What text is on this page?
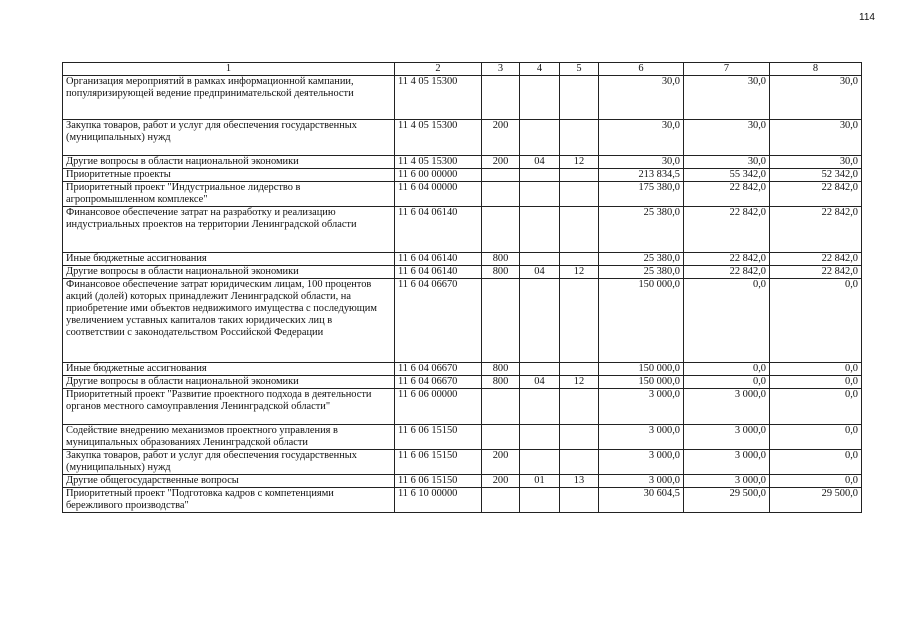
114
1	2	3	4	5	6	7	8
Организация мероприятий в рамках информационной кампании, популяризирующей ведение предпринимательской деятельности	11 4 05 15300				30,0	30,0	30,0
Закупка товаров, работ и услуг для обеспечения государственных (муниципальных) нужд	11 4 05 15300	200			30,0	30,0	30,0
Другие вопросы в области национальной экономики	11 4 05 15300	200	04	12	30,0	30,0	30,0
Приоритетные проекты	11 6 00 00000				213 834,5	55 342,0	52 342,0
Приоритетный проект "Индустриальное лидерство в агропромышленном комплексе"	11 6 04 00000				175 380,0	22 842,0	22 842,0
Финансовое обеспечение затрат на разработку и реализацию индустриальных проектов на территории Ленинградской области	11 6 04 06140				25 380,0	22 842,0	22 842,0
Иные бюджетные ассигнования	11 6 04 06140	800			25 380,0	22 842,0	22 842,0
Другие вопросы в области национальной экономики	11 6 04 06140	800	04	12	25 380,0	22 842,0	22 842,0
Финансовое обеспечение затрат юридическим лицам, 100 процентов акций (долей) которых принадлежит Ленинградской области, на приобретение ими объектов недвижимого имущества с последующим увеличением уставных капиталов таких юридических лиц в соответствии с законодательством Российской Федерации	11 6 04 06670				150 000,0	0,0	0,0
Иные бюджетные ассигнования	11 6 04 06670	800			150 000,0	0,0	0,0
Другие вопросы в области национальной экономики	11 6 04 06670	800	04	12	150 000,0	0,0	0,0
Приоритетный проект "Развитие проектного подхода в деятельности органов местного самоуправления Ленинградской области"	11 6 06 00000				3 000,0	3 000,0	0,0
Содействие внедрению механизмов проектного управления в муниципальных образованиях Ленинградской области	11 6 06 15150				3 000,0	3 000,0	0,0
Закупка товаров, работ и услуг для обеспечения государственных (муниципальных) нужд	11 6 06 15150	200			3 000,0	3 000,0	0,0
Другие общегосударственные вопросы	11 6 06 15150	200	01	13	3 000,0	3 000,0	0,0
Приоритетный проект "Подготовка кадров с компетенциями бережливого производства"	11 6 10 00000				30 604,5	29 500,0	29 500,0
